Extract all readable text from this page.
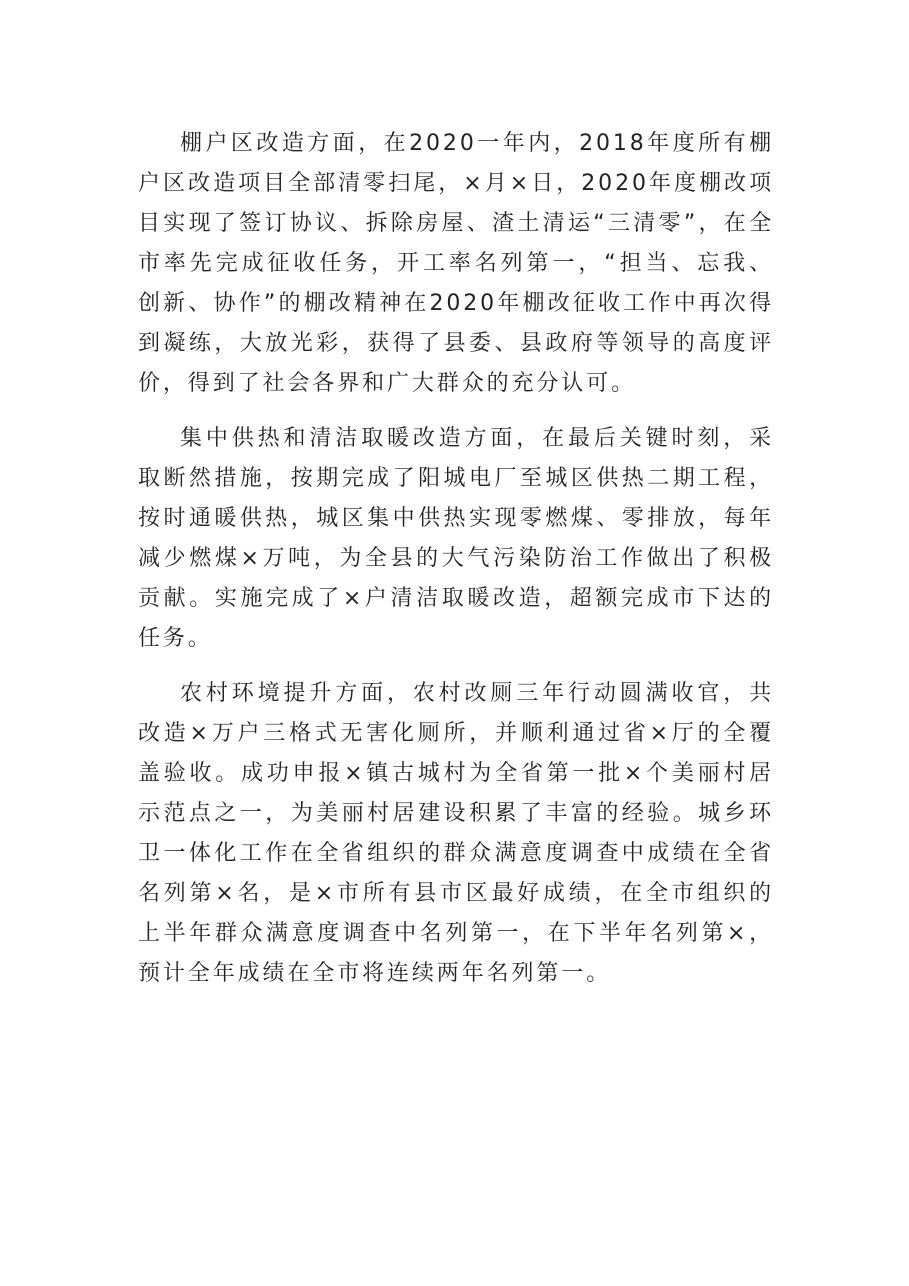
棚户区改造方面，在2020一年内，2018年度所有棚户区改造项目全部清零扫尾，×月×日，2020年度棚改项目实现了签订协议、拆除房屋、渣土清运“三清零”，在全市率先完成征收任务，开工率名列第一，“担当、忘我、创新、协作”的棚改精神在2020年棚改征收工作中再次得到凝练，大放光彩，获得了县委、县政府等领导的高度评价，得到了社会各界和广大群众的充分认可。

集中供热和清洁取暖改造方面，在最后关键时刻，采取断然措施，按期完成了阳城电厂至城区供热二期工程，按时通暖供热，城区集中供热实现零燃煤、零排放，每年减少燃煤×万吨，为全县的大气污染防治工作做出了积极贡献。实施完成了×户清洁取暖改造，超额完成市下达的任务。

农村环境提升方面，农村改厕三年行动圆满收官，共改造×万户三格式无害化厕所，并顺利通过省×厅的全覆盖验收。成功申报×镇古城村为全省第一批×个美丽村居示范点之一，为美丽村居建设积累了丰富的经验。城乡环卫一体化工作在全省组织的群众满意度调查中成绩在全省名列第×名，是×市所有县市区最好成绩，在全市组织的上半年群众满意度调查中名列第一，在下半年名列第×，预计全年成绩在全市将连续两年名列第一。
